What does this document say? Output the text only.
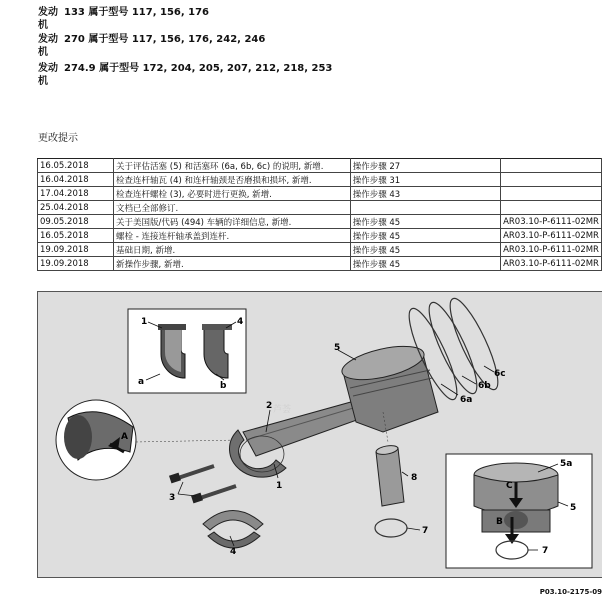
发动机
133 属于型号 117, 156, 176
发动机
270 属于型号 117, 156, 176, 242, 246
发动机
274.9 属于型号 172, 204, 205, 207, 212, 218, 253
更改提示
16.05.2018	关于评估活塞 (5) 和活塞环 (6a, 6b, 6c) 的说明, 新增.	操作步骤 27	
16.04.2018	检查连杆轴瓦 (4) 和连杆轴颈是否磨损和损坏, 新增.	操作步骤 31	
17.04.2018	检查连杆螺栓 (3), 必要时进行更换, 新增.	操作步骤 43	
25.04.2018	文档已全部修订.		
09.05.2018	关于美国版/代码 (494) 车辆的详细信息, 新增.	操作步骤 45	AR03.10-P-6111-02MR
16.05.2018	螺栓 - 连接连杆轴承盖到连杆.	操作步骤 45	AR03.10-P-6111-02MR
19.09.2018	基础日期, 新增.	操作步骤 45	AR03.10-P-6111-02MR
19.09.2018	新操作步骤, 新增.	操作步骤 45	AR03.10-P-6111-02MR
芦荟
1	4
a	b
A
2
1
3
4
5
6a
6b
6c
8
7
C
B
7
5a
5
P03.10-2175-09
